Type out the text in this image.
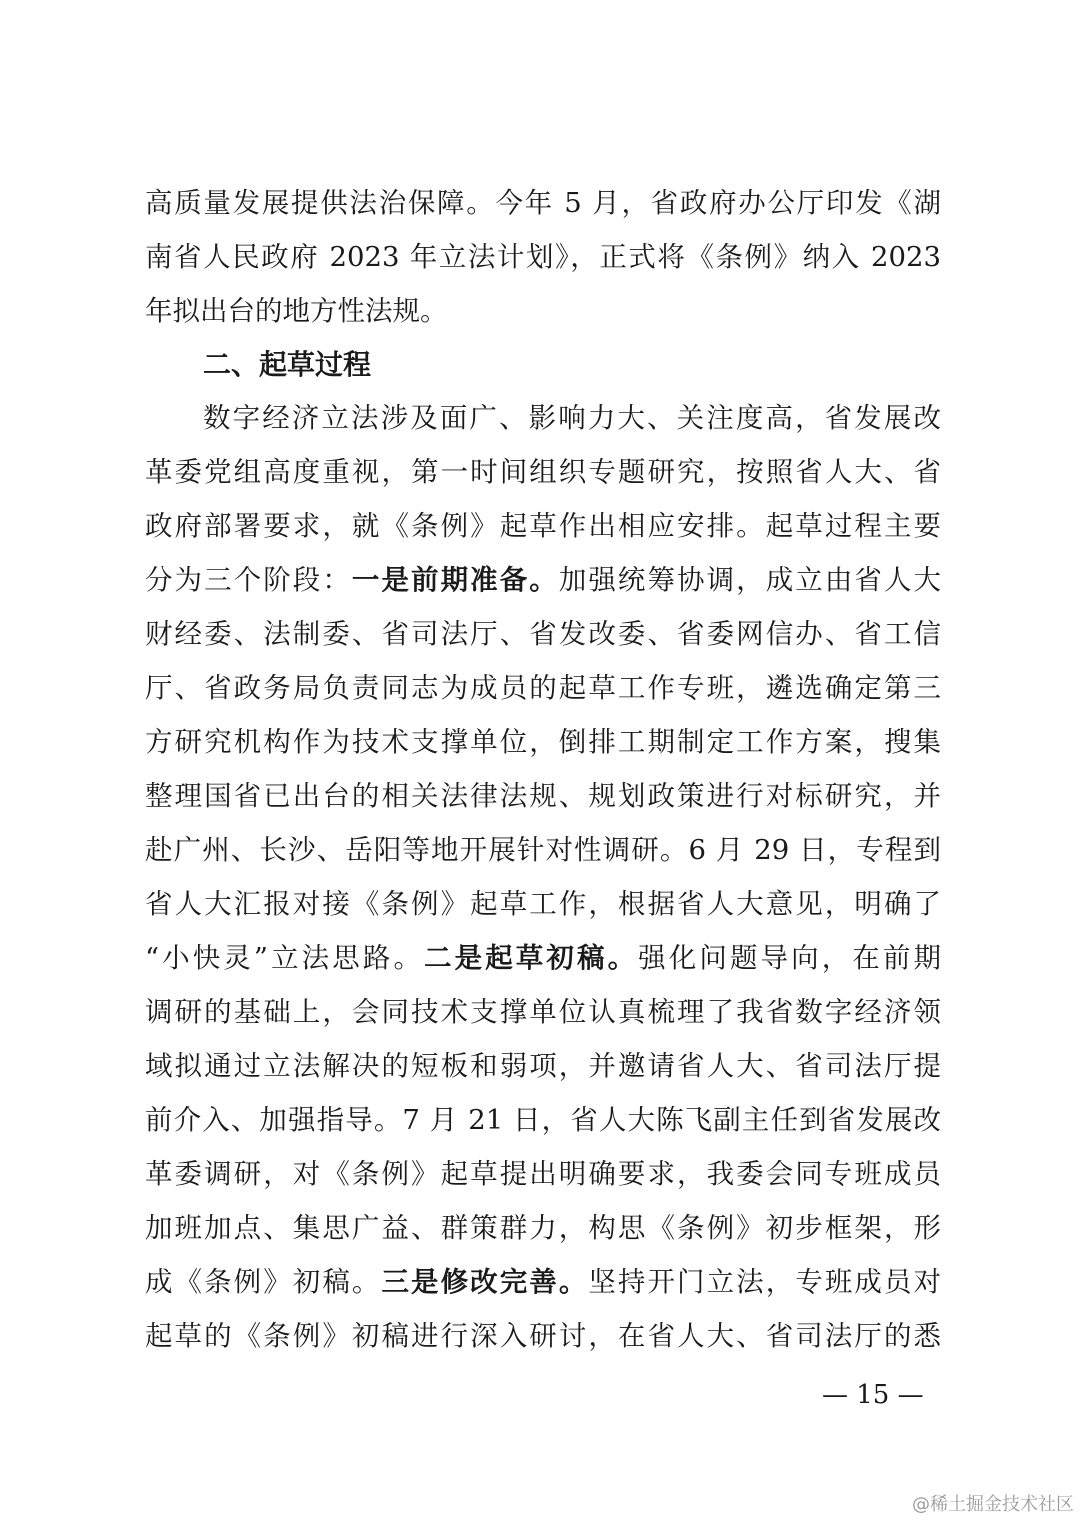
高质量发展提供法治保障。今年 5 月，省政府办公厅印发《湖
南省人民政府 2023 年立法计划》，正式将《条例》纳入 2023
年拟出台的地方性法规。
二、起草过程
数字经济立法涉及面广、影响力大、关注度高，省发展改
革委党组高度重视，第一时间组织专题研究，按照省人大、省
政府部署要求，就《条例》起草作出相应安排。起草过程主要
分为三个阶段：一是前期准备。加强统筹协调，成立由省人大
财经委、法制委、省司法厅、省发改委、省委网信办、省工信
厅、省政务局负责同志为成员的起草工作专班，遴选确定第三
方研究机构作为技术支撑单位，倒排工期制定工作方案，搜集
整理国省已出台的相关法律法规、规划政策进行对标研究，并
赴广州、长沙、岳阳等地开展针对性调研。6 月 29 日，专程到
省人大汇报对接《条例》起草工作，根据省人大意见，明确了
“小快灵”立法思路。二是起草初稿。强化问题导向，在前期
调研的基础上，会同技术支撑单位认真梳理了我省数字经济领
域拟通过立法解决的短板和弱项，并邀请省人大、省司法厅提
前介入、加强指导。7 月 21 日，省人大陈飞副主任到省发展改
革委调研，对《条例》起草提出明确要求，我委会同专班成员
加班加点、集思广益、群策群力，构思《条例》初步框架，形
成《条例》初稿。三是修改完善。坚持开门立法，专班成员对
起草的《条例》初稿进行深入研讨，在省人大、省司法厅的悉
— 15 —
@稀土掘金技术社区
